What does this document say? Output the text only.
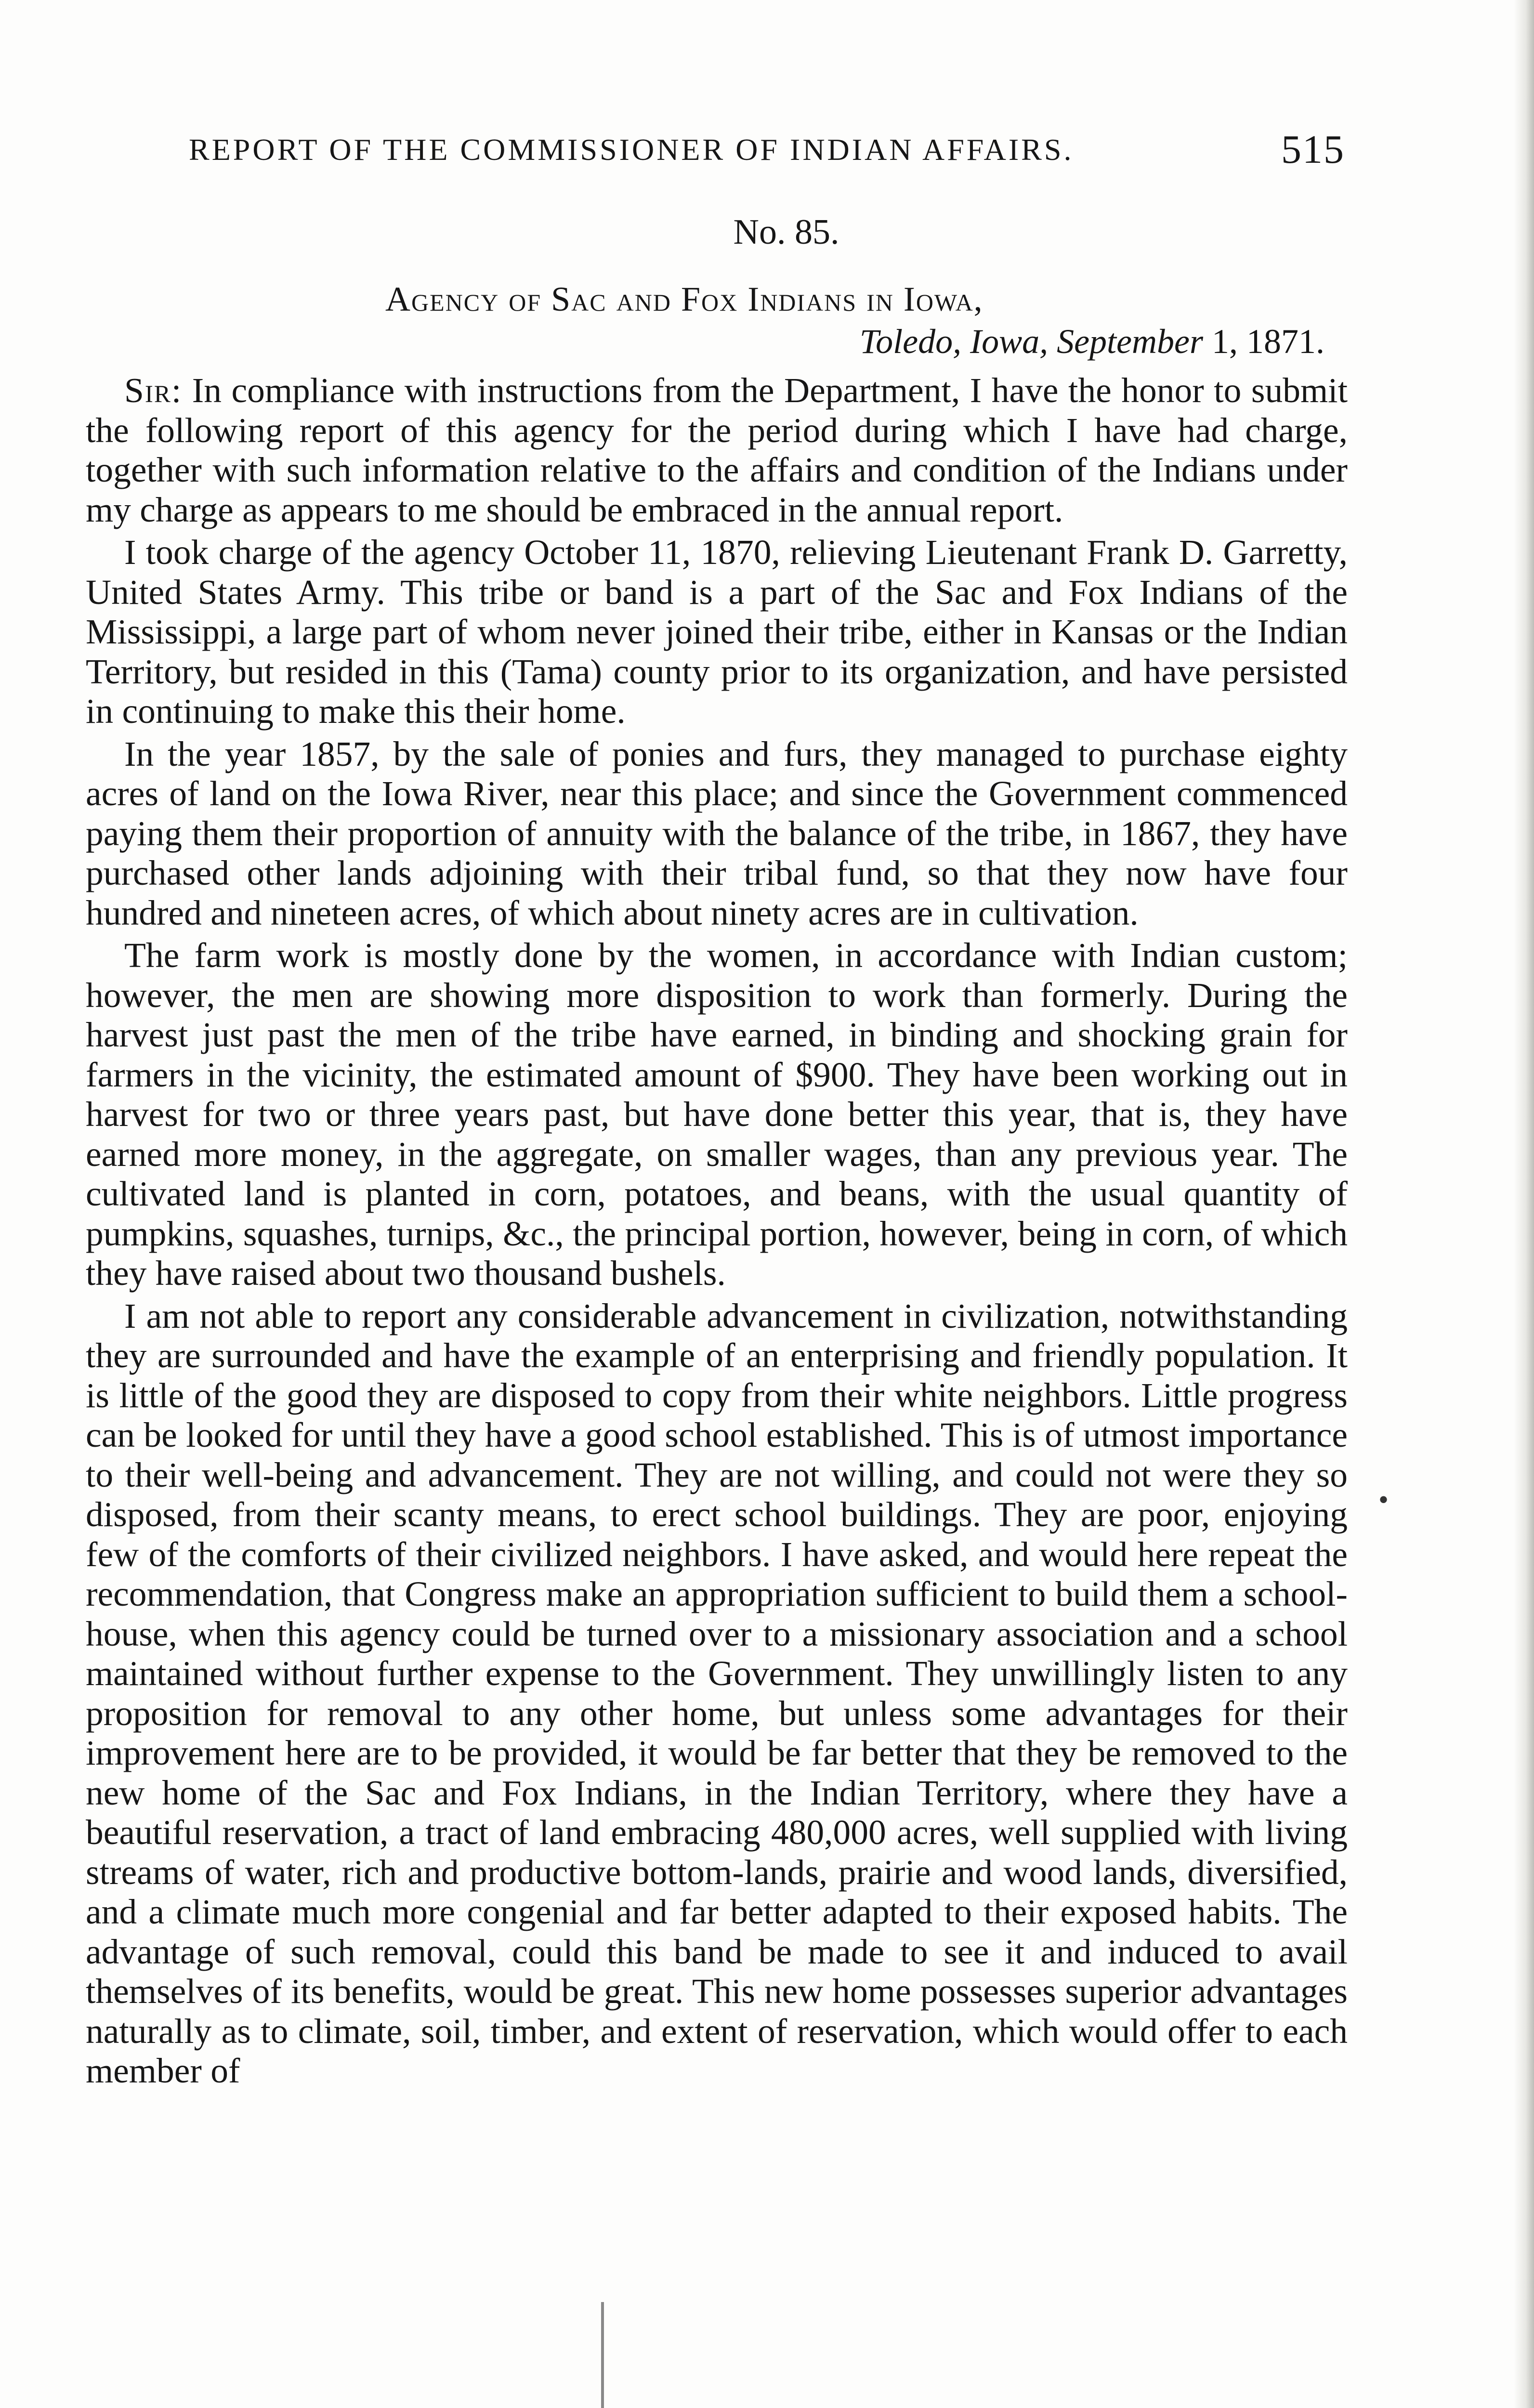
REPORT OF THE COMMISSIONER OF INDIAN AFFAIRS.	515
No. 85.
Agency of Sac and Fox Indians in Iowa,
Toledo, Iowa, September 1, 1871.

Sir: In compliance with instructions from the Department, I have the honor to submit the following report of this agency for the period during which I have had charge, together with such information relative to the affairs and condition of the Indians under my charge as appears to me should be embraced in the annual report.

I took charge of the agency October 11, 1870, relieving Lieutenant Frank D. Garretty, United States Army. This tribe or band is a part of the Sac and Fox Indians of the Mississippi, a large part of whom never joined their tribe, either in Kansas or the Indian Territory, but resided in this (Tama) county prior to its organization, and have persisted in continuing to make this their home.

In the year 1857, by the sale of ponies and furs, they managed to purchase eighty acres of land on the Iowa River, near this place; and since the Government commenced paying them their proportion of annuity with the balance of the tribe, in 1867, they have purchased other lands adjoining with their tribal fund, so that they now have four hundred and nineteen acres, of which about ninety acres are in cultivation.

The farm work is mostly done by the women, in accordance with Indian custom; however, the men are showing more disposition to work than formerly. During the harvest just past the men of the tribe have earned, in binding and shocking grain for farmers in the vicinity, the estimated amount of $900. They have been working out in harvest for two or three years past, but have done better this year, that is, they have earned more money, in the aggregate, on smaller wages, than any previous year. The cultivated land is planted in corn, potatoes, and beans, with the usual quantity of pumpkins, squashes, turnips, &c., the principal portion, however, being in corn, of which they have raised about two thousand bushels.

I am not able to report any considerable advancement in civilization, notwithstanding they are surrounded and have the example of an enterprising and friendly population. It is little of the good they are disposed to copy from their white neighbors. Little progress can be looked for until they have a good school established. This is of utmost importance to their well-being and advancement. They are not willing, and could not were they so disposed, from their scanty means, to erect school buildings. They are poor, enjoying few of the comforts of their civilized neighbors. I have asked, and would here repeat the recommendation, that Congress make an appropriation sufficient to build them a school-house, when this agency could be turned over to a missionary association and a school maintained without further expense to the Government. They unwillingly listen to any proposition for removal to any other home, but unless some advantages for their improvement here are to be provided, it would be far better that they be removed to the new home of the Sac and Fox Indians, in the Indian Territory, where they have a beautiful reservation, a tract of land embracing 480,000 acres, well supplied with living streams of water, rich and productive bottom-lands, prairie and wood lands, diversified, and a climate much more congenial and far better adapted to their exposed habits. The advantage of such removal, could this band be made to see it and induced to avail themselves of its benefits, would be great. This new home possesses superior advantages naturally as to climate, soil, timber, and extent of reservation, which would offer to each member of

•
